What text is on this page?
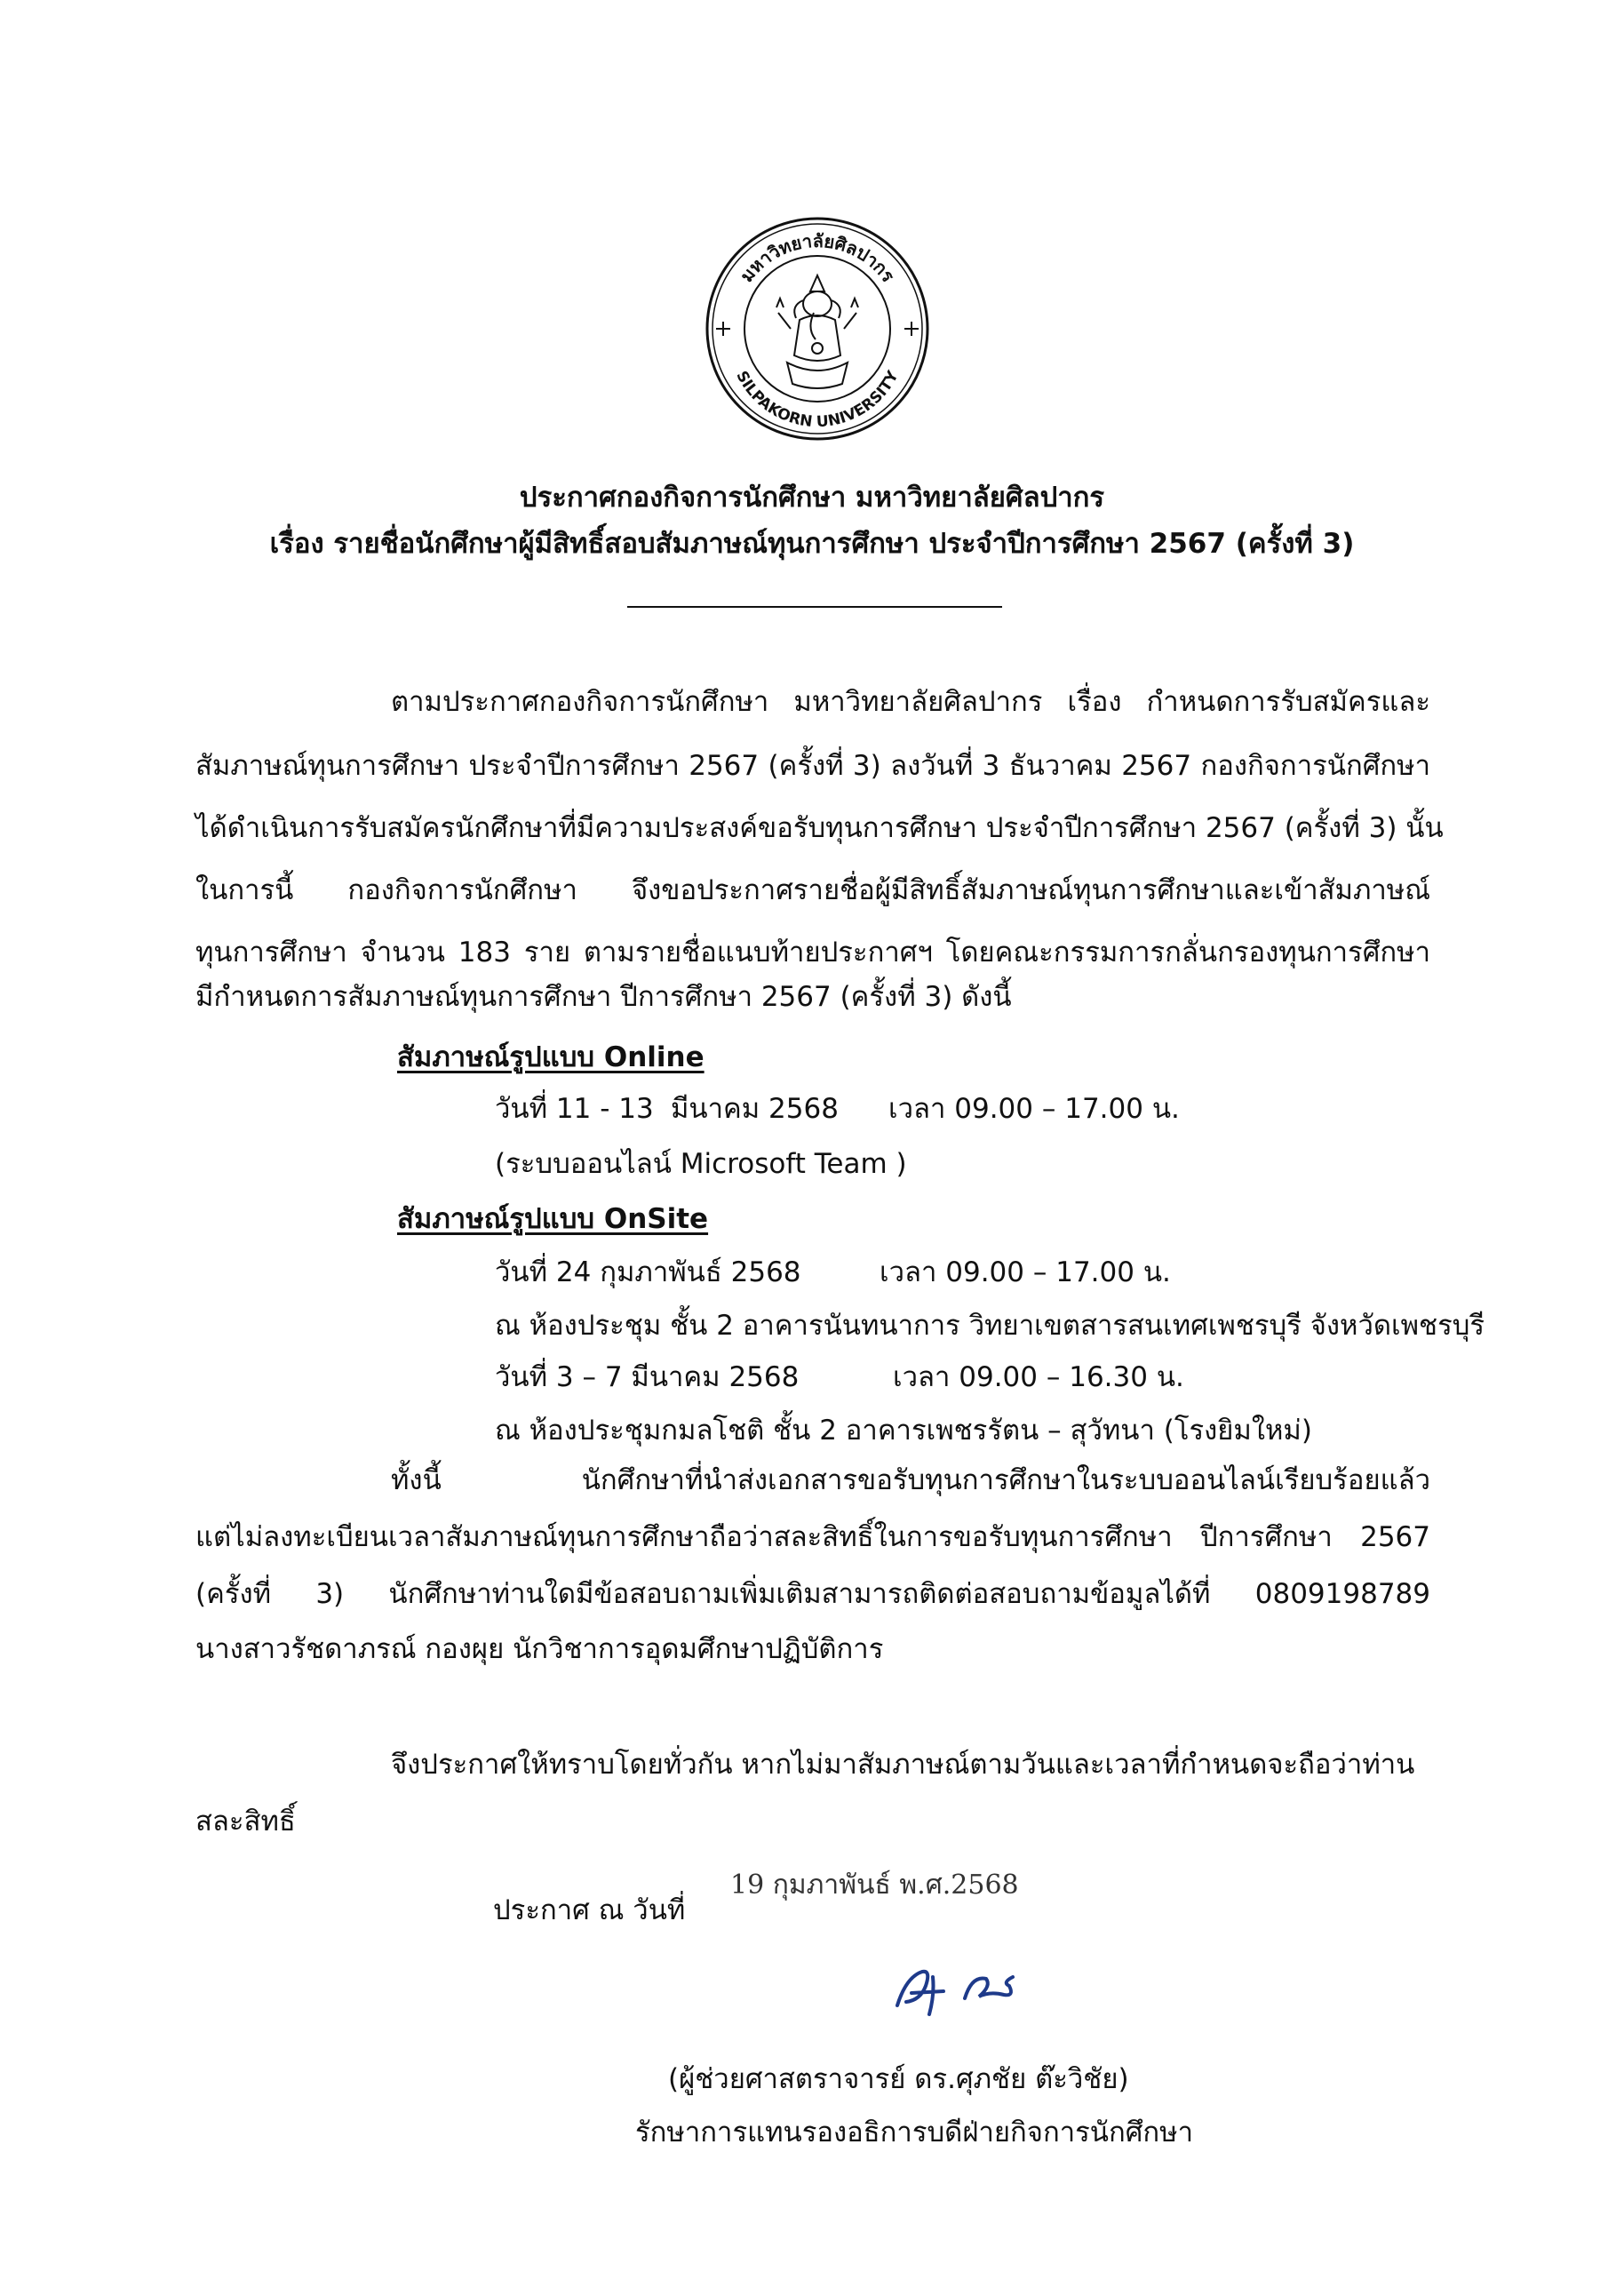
มหาวิทยาลัยศิลปากร
SILPAKORN UNIVERSITY
ประกาศกองกิจการนักศึกษา มหาวิทยาลัยศิลปากร
เรื่อง รายชื่อนักศึกษาผู้มีสิทธิ์สอบสัมภาษณ์ทุนการศึกษา ประจำปีการศึกษา 2567 (ครั้งที่ 3)
ตามประกาศกองกิจการนักศึกษา มหาวิทยาลัยศิลปากร เรื่อง กำหนดการรับสมัครและ
สัมภาษณ์ทุนการศึกษา ประจำปีการศึกษา 2567 (ครั้งที่ 3) ลงวันที่ 3 ธันวาคม 2567 กองกิจการนักศึกษา
ได้ดำเนินการรับสมัครนักศึกษาที่มีความประสงค์ขอรับทุนการศึกษา ประจำปีการศึกษา 2567 (ครั้งที่ 3) นั้น
ในการนี้ กองกิจการนักศึกษา จึงขอประกาศรายชื่อผู้มีสิทธิ์สัมภาษณ์ทุนการศึกษาและเข้าสัมภาษณ์
ทุนการศึกษา จำนวน 183 ราย ตามรายชื่อแนบท้ายประกาศฯ โดยคณะกรรมการกลั่นกรองทุนการศึกษา
มีกำหนดการสัมภาษณ์ทุนการศึกษา ปีการศึกษา 2567 (ครั้งที่ 3) ดังนี้
สัมภาษณ์รูปแบบ Online
วันที่ 11 - 13 มีนาคม 2568 เวลา 09.00 – 17.00 น.
(ระบบออนไลน์ Microsoft Team )
สัมภาษณ์รูปแบบ OnSite
วันที่ 24 กุมภาพันธ์ 2568	เวลา 09.00 – 17.00 น.
ณ ห้องประชุม ชั้น 2 อาคารนันทนาการ วิทยาเขตสารสนเทศเพชรบุรี จังหวัดเพชรบุรี
วันที่ 3 – 7 มีนาคม 2568	เวลา 09.00 – 16.30 น.
ณ ห้องประชุมกมลโชติ ชั้น 2 อาคารเพชรรัตน – สุวัทนา (โรงยิมใหม่)
ทั้งนี้ นักศึกษาที่นำส่งเอกสารขอรับทุนการศึกษาในระบบออนไลน์เรียบร้อยแล้ว
แต่ไม่ลงทะเบียนเวลาสัมภาษณ์ทุนการศึกษาถือว่าสละสิทธิ์ในการขอรับทุนการศึกษา ปีการศึกษา 2567
(ครั้งที่ 3) นักศึกษาท่านใดมีข้อสอบถามเพิ่มเติมสามารถติดต่อสอบถามข้อมูลได้ที่ 0809198789
นางสาวรัชดาภรณ์ กองผุย นักวิชาการอุดมศึกษาปฏิบัติการ
จึงประกาศให้ทราบโดยทั่วกัน หากไม่มาสัมภาษณ์ตามวันและเวลาที่กำหนดจะถือว่าท่าน
สละสิทธิ์
ประกาศ ณ วันที่
19 กุมภาพันธ์ พ.ศ.2568
(ผู้ช่วยศาสตราจารย์ ดร.ศุภชัย ต๊ะวิชัย)
รักษาการแทนรองอธิการบดีฝ่ายกิจการนักศึกษา
